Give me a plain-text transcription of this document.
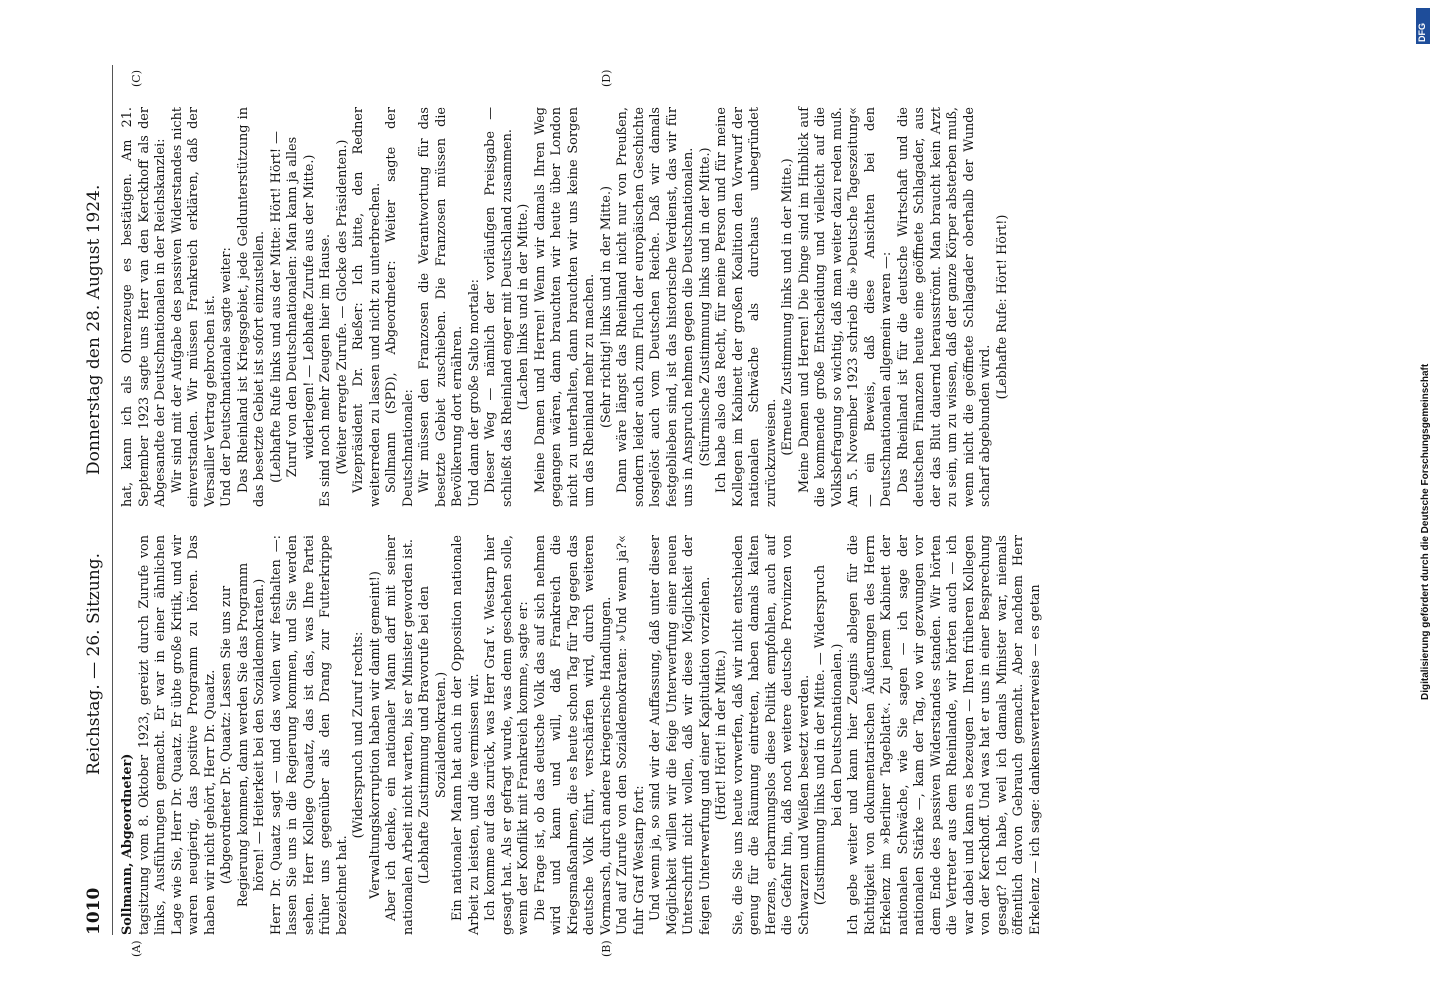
1010
Reichstag. — 26. Sitzung.
Donnerstag den 28. August 1924.

Sollmann, Abgeordneter) tagsitzung vom 8. Oktober 1923, gereizt durch Zurufe von links, Ausführungen gemacht. Er war in einer ähnlichen Lage wie Sie, Herr Dr. Quaatz. Er übte große Kritik, und wir waren neugierig, das positive Programm zu hören. Das haben wir nicht gehört, Herr Dr. Quaatz. (Abgeordneter Dr. Quaatz: Lassen Sie uns zur Regierung kommen, dann werden Sie das Programm hören! — Heiterkeit bei den Sozialdemokraten.) Herr Dr. Quaatz sagt — und das wollen wir festhalten —: lassen Sie uns in die Regierung kommen, und Sie werden sehen. Herr Kollege Quaatz, das ist das, was Ihre Partei früher uns gegenüber als den Drang zur Futterkrippe bezeichnet hat.

(Widerspruch und Zuruf rechts: Verwaltungskorruption haben wir damit gemeint!) Aber ich denke, ein nationaler Mann darf mit seiner nationalen Arbeit nicht warten, bis er Minister geworden ist. (Lebhafte Zustimmung und Bravorufe bei den Sozialdemokraten.) Ein nationaler Mann hat auch in der Opposition nationale Arbeit zu leisten, und die vermissen wir. Ich komme auf das zurück, was Herr Graf v. Westarp hier gesagt hat. Als er gefragt wurde, was denn geschehen solle, wenn der Konflikt mit Frankreich komme, sagte er: Die Frage ist, ob das deutsche Volk das auf sich nehmen wird und kann und will, daß Frankreich die Kriegsmaßnahmen, die es heute schon Tag für Tag gegen das deutsche Volk führt, verschärfen wird, durch weiteren Vormarsch, durch andere kriegerische Handlungen. Und auf Zurufe von den Sozialdemokraten: »Und wenn ja?« fuhr Graf Westarp fort: Und wenn ja, so sind wir der Auffassung, daß unter dieser Möglichkeit willen wir die feige Unterwerfung einer neuen Unterschrift nicht wollen, daß wir diese Möglichkeit der feigen Unterwerfung und einer Kapitulation vorziehen. (Hört! Hört! in der Mitte.) Sie, die Sie uns heute vorwerfen, daß wir nicht entschieden genug für die Räumung eintreten, haben damals kalten Herzens, erbarmungslos diese Politik empfohlen, auch auf die Gefahr hin, daß noch weitere deutsche Provinzen von Schwarzen und Weißen besetzt werden. (Zustimmung links und in der Mitte. — Widerspruch bei den Deutschnationalen.) Ich gebe weiter und kann hier Zeugnis ablegen für die Richtigkeit von dokumentarischen Äußerungen des Herrn Erkelenz im »Berliner Tageblatt«. Zu jenem Kabinett der nationalen Schwäche, wie Sie sagen — ich sage der nationalen Stärke —, kam der Tag, wo wir gezwungen vor dem Ende des passiven Widerstandes standen. Wir hörten die Vertreter aus dem Rheinlande, wir hörten auch — ich war dabei und kann es bezeugen — Ihren früheren Kollegen von der Kerckhoff. Und was hat er uns in einer Besprechung gesagt? Ich habe, weil ich damals Minister war, niemals öffentlich davon Gebrauch gemacht. Aber nachdem Herr Erkelenz — ich sage: dankenswerterweise — es getan

hat, kann ich als Ohrenzeuge es bestätigen. Am 21. September 1923 sagte uns Herr van den Kerckhoff als der Abgesandte der Deutschnationalen in der Reichskanzlei: Wir sind mit der Aufgabe des passiven Widerstandes nicht einverstanden. Wir müssen Frankreich erklären, daß der Versailler Vertrag gebrochen ist. Und der Deutschnationale sagte weiter: Das Rheinland ist Kriegsgebiet, jede Geldunterstützung in das besetzte Gebiet ist sofort einzustellen. (Lebhafte Rufe links und aus der Mitte: Hört! Hört! — Zuruf von den Deutschnationalen: Man kann ja alles widerlegen! — Lebhafte Zurufe aus der Mitte.) Es sind noch mehr Zeugen hier im Hause. (Weiter erregte Zurufe. — Glocke des Präsidenten.) Vizepräsident Dr. Rießer: Ich bitte, den Redner weiterreden zu lassen und nicht zu unterbrechen. Sollmann (SPD), Abgeordneter: Weiter sagte der Deutschnationale: Wir müssen den Franzosen die Verantwortung für das besetzte Gebiet zuschieben. Die Franzosen müssen die Bevölkerung dort ernähren. Und dann der große Salto mortale: Dieser Weg — nämlich der vorläufigen Preisgabe — schließt das Rheinland enger mit Deutschland zusammen. (Lachen links und in der Mitte.) Meine Damen und Herren! Wenn wir damals Ihren Weg gegangen wären, dann brauchten wir heute über London nicht zu unterhalten, dann brauchten wir uns keine Sorgen um das Rheinland mehr zu machen. (Sehr richtig! links und in der Mitte.) Dann wäre längst das Rheinland nicht nur von Preußen, sondern leider auch zum Fluch der europäischen Geschichte losgelöst auch vom Deutschen Reiche. Daß wir damals festgeblieben sind, ist das historische Verdienst, das wir für uns in Anspruch nehmen gegen die Deutschnationalen. (Stürmische Zustimmung links und in der Mitte.) Ich habe also das Recht, für meine Person und für meine Kollegen im Kabinett der großen Koalition den Vorwurf der nationalen Schwäche als durchaus unbegründet zurückzuweisen. (Erneute Zustimmung links und in der Mitte.) Meine Damen und Herren! Die Dinge sind im Hinblick auf die kommende große Entscheidung und vielleicht auf die Volksbefragung so wichtig, daß man weiter dazu reden muß. Am 5. November 1923 schrieb die »Deutsche Tageszeitung« — ein Beweis, daß diese Ansichten bei den Deutschnationalen allgemein waren —: Das Rheinland ist für die deutsche Wirtschaft und die deutschen Finanzen heute eine geöffnete Schlagader, aus der das Blut dauernd herausströmt. Man braucht kein Arzt zu sein, um zu wissen, daß der ganze Körper absterben muß, wenn nicht die geöffnete Schlagader oberhalb der Wunde scharf abgebunden wird.

(Lebhafte Rufe: Hört! Hört!)

(A)	(B)
(C)	(D)
DFG
Digitalisierung gefördert durch die Deutsche Forschungsgemeinschaft
